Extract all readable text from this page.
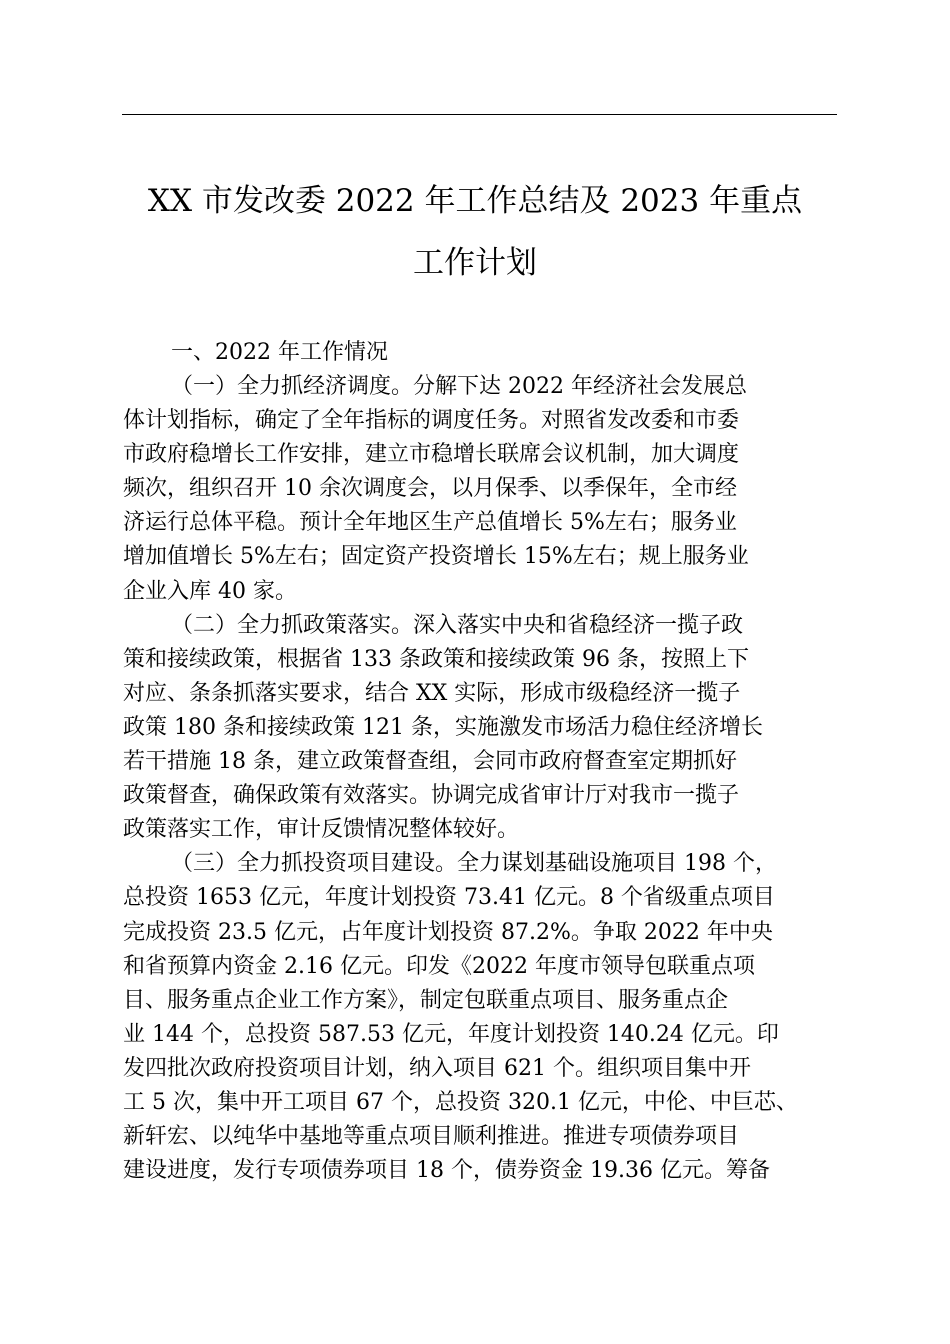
XX 市发改委 2022 年工作总结及 2023 年重点
工作计划

一、2022 年工作情况

（一）全力抓经济调度。分解下达 2022 年经济社会发展总
体计划指标，确定了全年指标的调度任务。对照省发改委和市委
市政府稳增长工作安排，建立市稳增长联席会议机制，加大调度
频次，组织召开 10 余次调度会，以月保季、以季保年，全市经
济运行总体平稳。预计全年地区生产总值增长 5%左右；服务业
增加值增长 5%左右；固定资产投资增长 15%左右；规上服务业
企业入库 40 家。
（二）全力抓政策落实。深入落实中央和省稳经济一揽子政
策和接续政策，根据省 133 条政策和接续政策 96 条，按照上下
对应、条条抓落实要求，结合 XX 实际，形成市级稳经济一揽子
政策 180 条和接续政策 121 条，实施激发市场活力稳住经济增长
若干措施 18 条，建立政策督查组，会同市政府督查室定期抓好
政策督查，确保政策有效落实。协调完成省审计厅对我市一揽子
政策落实工作，审计反馈情况整体较好。
（三）全力抓投资项目建设。全力谋划基础设施项目 198 个，
总投资 1653 亿元，年度计划投资 73.41 亿元。8 个省级重点项目
完成投资 23.5 亿元，占年度计划投资 87.2%。争取 2022 年中央
和省预算内资金 2.16 亿元。印发《2022 年度市领导包联重点项
目、服务重点企业工作方案》，制定包联重点项目、服务重点企
业 144 个，总投资 587.53 亿元，年度计划投资 140.24 亿元。印
发四批次政府投资项目计划，纳入项目 621 个。组织项目集中开
工 5 次，集中开工项目 67 个，总投资 320.1 亿元，中伦、中巨芯、
新轩宏、以纯华中基地等重点项目顺利推进。推进专项债券项目
建设进度，发行专项债券项目 18 个，债券资金 19.36 亿元。筹备
